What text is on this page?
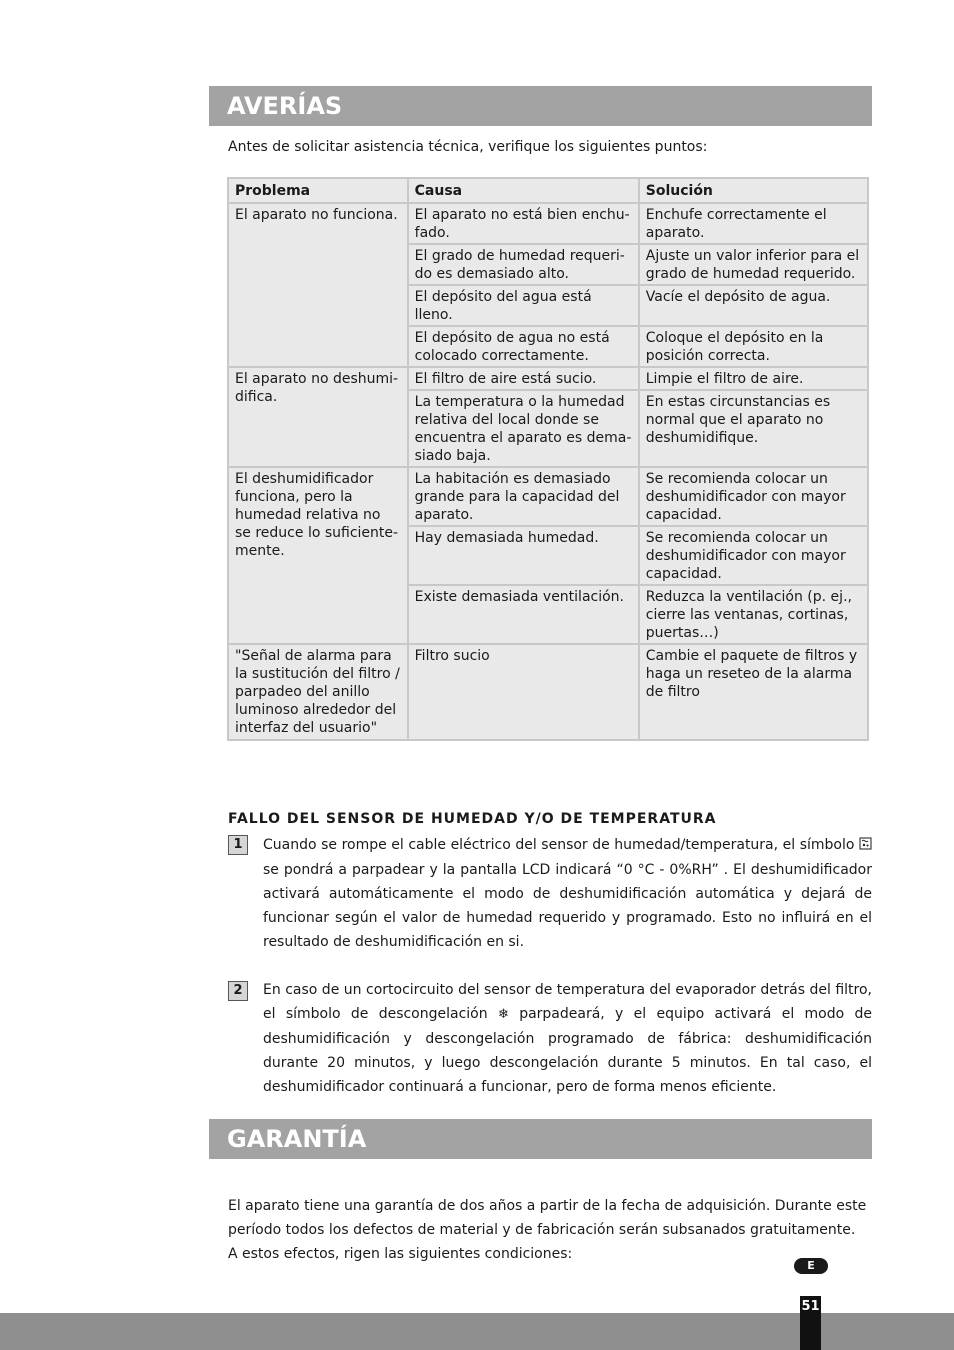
AVERÍAS
Antes de solicitar asistencia técnica, verifique los siguientes puntos:
Problema	Causa	Solución
El aparato no funciona.	El aparato no está bien enchu-fado.	Enchufe correctamente el aparato.
	El grado de humedad requeri-do es demasiado alto.	Ajuste un valor inferior para el grado de humedad requerido.
	El depósito del agua está lleno.	Vacíe el depósito de agua.
	El depósito de agua no está colocado correctamente.	Coloque el depósito en la posición correcta.
El aparato no deshumi-difica.	El filtro de aire está sucio.	Limpie el filtro de aire.
	La temperatura o la humedad relativa del local donde se encuentra el aparato es dema-siado baja.	En estas circunstancias es normal que el aparato no deshumidifique.
El deshumidificador funciona, pero la humedad relativa no se reduce lo suficiente-mente.	La habitación es demasiado grande para la capacidad del aparato.	Se recomienda colocar un deshumidificador con mayor capacidad.
	Hay demasiada humedad.	Se recomienda colocar un deshumidificador con mayor capacidad.
	Existe demasiada ventilación.	Reduzca la ventilación (p. ej., cierre las ventanas, cortinas, puertas…)
"Señal de alarma para la sustitución del filtro / parpadeo del anillo luminoso alrededor del interfaz del usuario"	Filtro sucio	Cambie el paquete de filtros y haga un reseteo de la alarma de filtro
FALLO DEL SENSOR DE HUMEDAD Y/O DE TEMPERATURA
1	Cuando se rompe el cable eléctrico del sensor de humedad/temperatura, el símbolo  se pondrá a parpadear y la pantalla LCD indicará “0 °C - 0%RH” . El deshumidificador activará automáticamente el modo de deshumidificación automática y dejará de funcionar según el valor de humedad requerido y programado. Esto no influirá en el resultado de deshumidificación en si.
2	En caso de un cortocircuito del sensor de temperatura del evaporador detrás del filtro, el símbolo de descongelación ❄ parpadeará, y el equipo activará el modo de deshumidificación y descongelación programado de fábrica: deshumidificación durante 20 minutos, y luego descongelación durante 5 minutos. En tal caso, el deshumidificador continuará a funcionar, pero de forma menos eficiente.
GARANTÍA
El aparato tiene una garantía de dos años a partir de la fecha de adquisición. Durante este período todos los defectos de material y de fabricación serán subsanados gratuitamente.
A estos efectos, rigen las siguientes condiciones:
E
51
